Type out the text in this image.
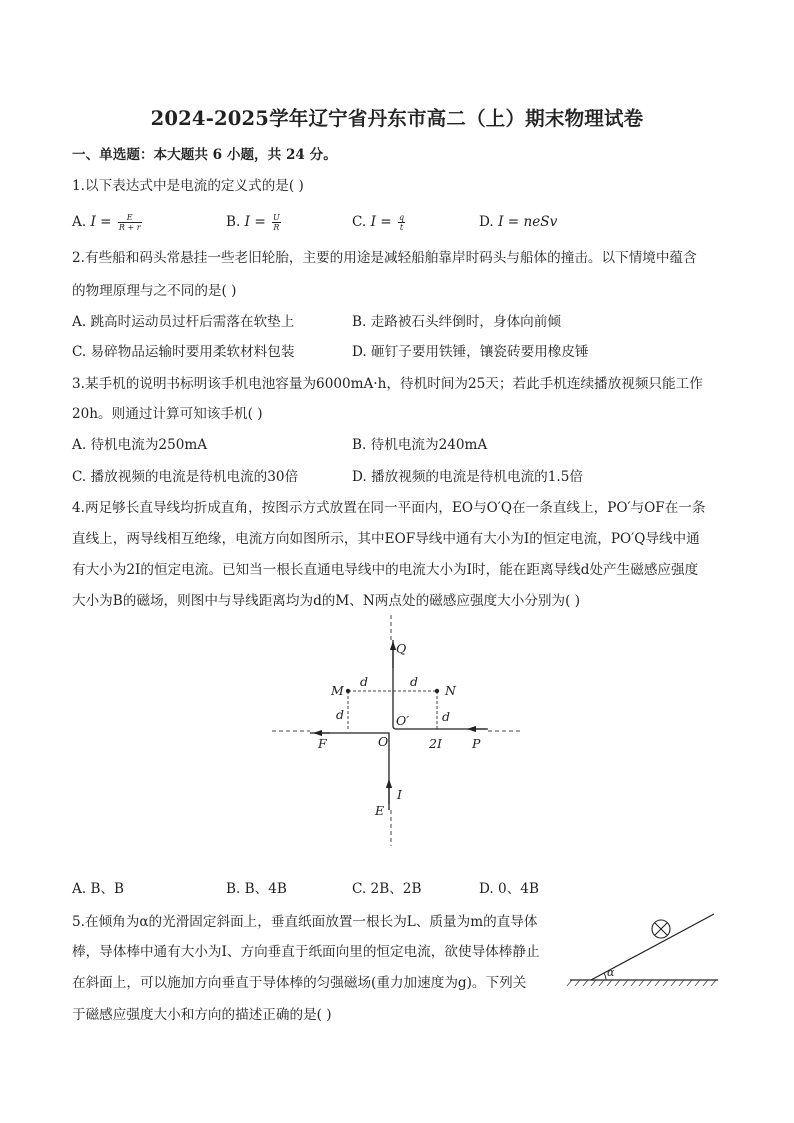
2024-2025学年辽宁省丹东市高二（上）期末物理试卷
一、单选题：本大题共 6 小题，共 24 分。
1.以下表达式中是电流的定义式的是( )
A. $I = \frac{E}{R + r}$	B. $I = \frac{U}{R}$	C. $I = \frac{q}{t}$	D. I = neSv
2.有些船和码头常悬挂一些老旧轮胎，主要的用途是减轻船舶靠岸时码头与船体的撞击。以下情境中蕴含
的物理原理与之不同的是( )
A. 跳高时运动员过杆后需落在软垫上	B. 走路被石头绊倒时，身体向前倾
C. 易碎物品运输时要用柔软材料包装	D. 砸钉子要用铁锤，镶瓷砖要用橡皮锤
3.某手机的说明书标明该手机电池容量为6000mA·h，待机时间为25天；若此手机连续播放视频只能工作
20h。则通过计算可知该手机( )
A. 待机电流为250mA	B. 待机电流为240mA
C. 播放视频的电流是待机电流的30倍	D. 播放视频的电流是待机电流的1.5倍
4.两足够长直导线均折成直角，按图示方式放置在同一平面内，EO与O′Q在一条直线上，PO′与OF在一条
直线上，两导线相互绝缘，电流方向如图所示，其中EOF导线中通有大小为I的恒定电流，PO′Q导线中通
有大小为2I的恒定电流。已知当一根长直通电导线中的电流大小为I时，能在距离导线d处产生磁感应强度
大小为B的磁场，则图中与导线距离均为d的M、N两点处的磁感应强度大小分别为( )
Q
M	N
d	d
d	d
O′
F	O	2I P
I
E
α
A. B、B	B. B、4B	C. 2B、2B	D. 0、4B
5.在倾角为α的光滑固定斜面上，垂直纸面放置一根长为L、质量为m的直导体
棒，导体棒中通有大小为I、方向垂直于纸面向里的恒定电流，欲使导体棒静止
在斜面上，可以施加方向垂直于导体棒的匀强磁场(重力加速度为g)。下列关
于磁感应强度大小和方向的描述正确的是( )
